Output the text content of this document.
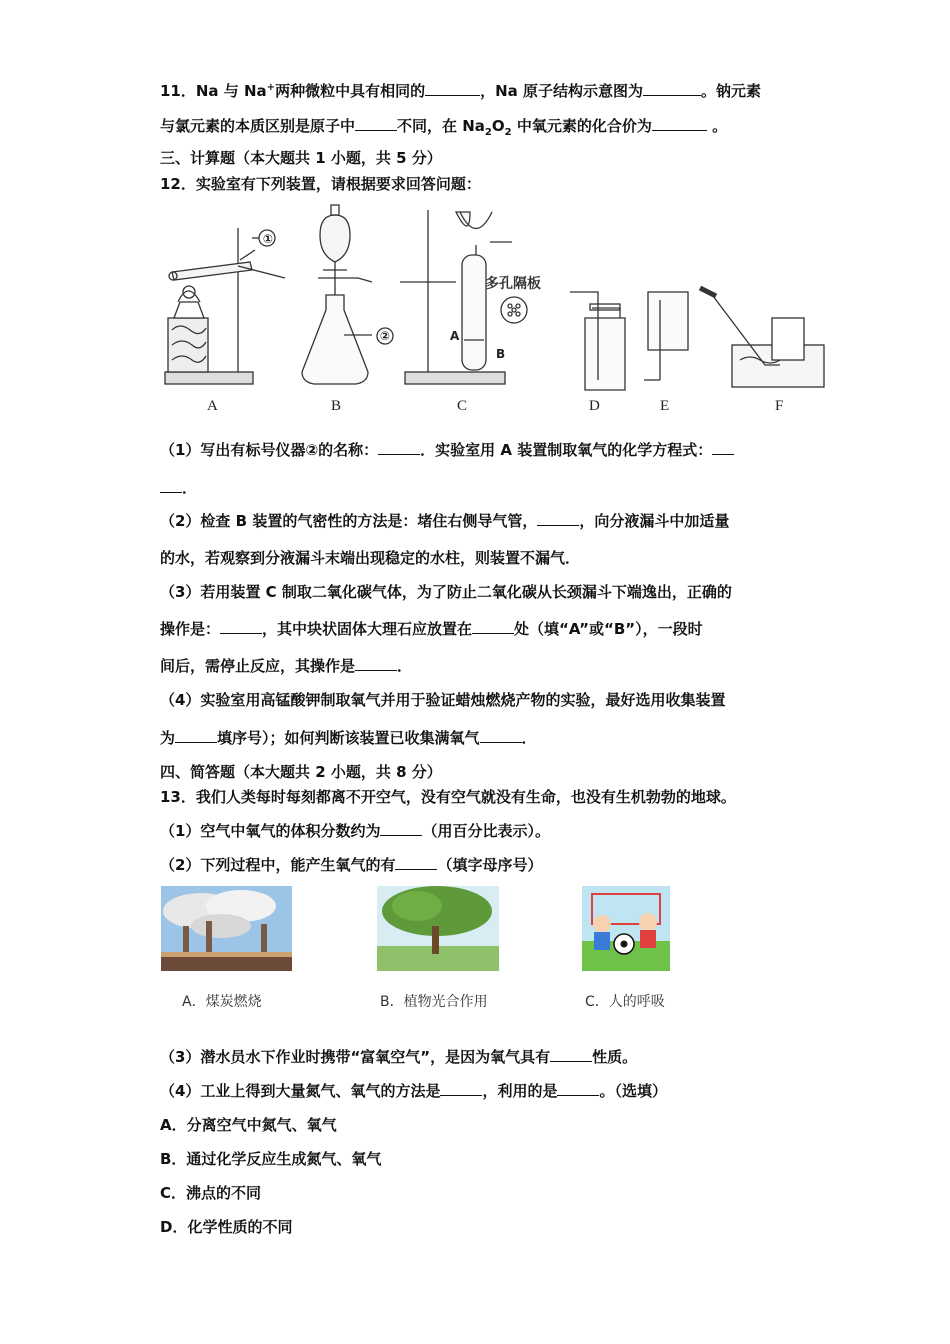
11．Na 与 Na+两种微粒中具有相同的	，Na 原子结构示意图为	。钠元素
与氯元素的本质区别是原子中	不同，在 $Na_2O_2$ 中氧元素的化合价为	。
三、计算题（本大题共 1 小题，共 5 分）
12．实验室有下列装置，请根据要求回答问题：
①
②
多孔隔板
A
B
A	B	C	D	E	F
（1）写出有标号仪器②的名称：	．实验室用 A 装置制取氧气的化学方程式：
．
（2）检查 B 装置的气密性的方法是：堵住右侧导气管，	，向分液漏斗中加适量
的水，若观察到分液漏斗末端出现稳定的水柱，则装置不漏气．
（3）若用装置 C 制取二氧化碳气体，为了防止二氧化碳从长颈漏斗下端逸出，正确的
操作是：	，其中块状固体大理石应放置在	处（填“A”或“B”），一段时
间后，需停止反应，其操作是	．
（4）实验室用高锰酸钾制取氧气并用于验证蜡烛燃烧产物的实验，最好选用收集装置
为	填序号）；如何判断该装置已收集满氧气	．
四、简答题（本大题共 2 小题，共 8 分）
13．我们人类每时每刻都离不开空气，没有空气就没有生命，也没有生机勃勃的地球。
（1）空气中氧气的体积分数约为	（用百分比表示）。
（2）下列过程中，能产生氧气的有	（填字母序号）
A．煤炭燃烧	B．植物光合作用	C．人的呼吸
（3）潜水员水下作业时携带“富氧空气”，是因为氧气具有	性质。
（4）工业上得到大量氮气、氧气的方法是	，利用的是	。（选填）
A．分离空气中氮气、氧气
B．通过化学反应生成氮气、氧气
C．沸点的不同
D．化学性质的不同
